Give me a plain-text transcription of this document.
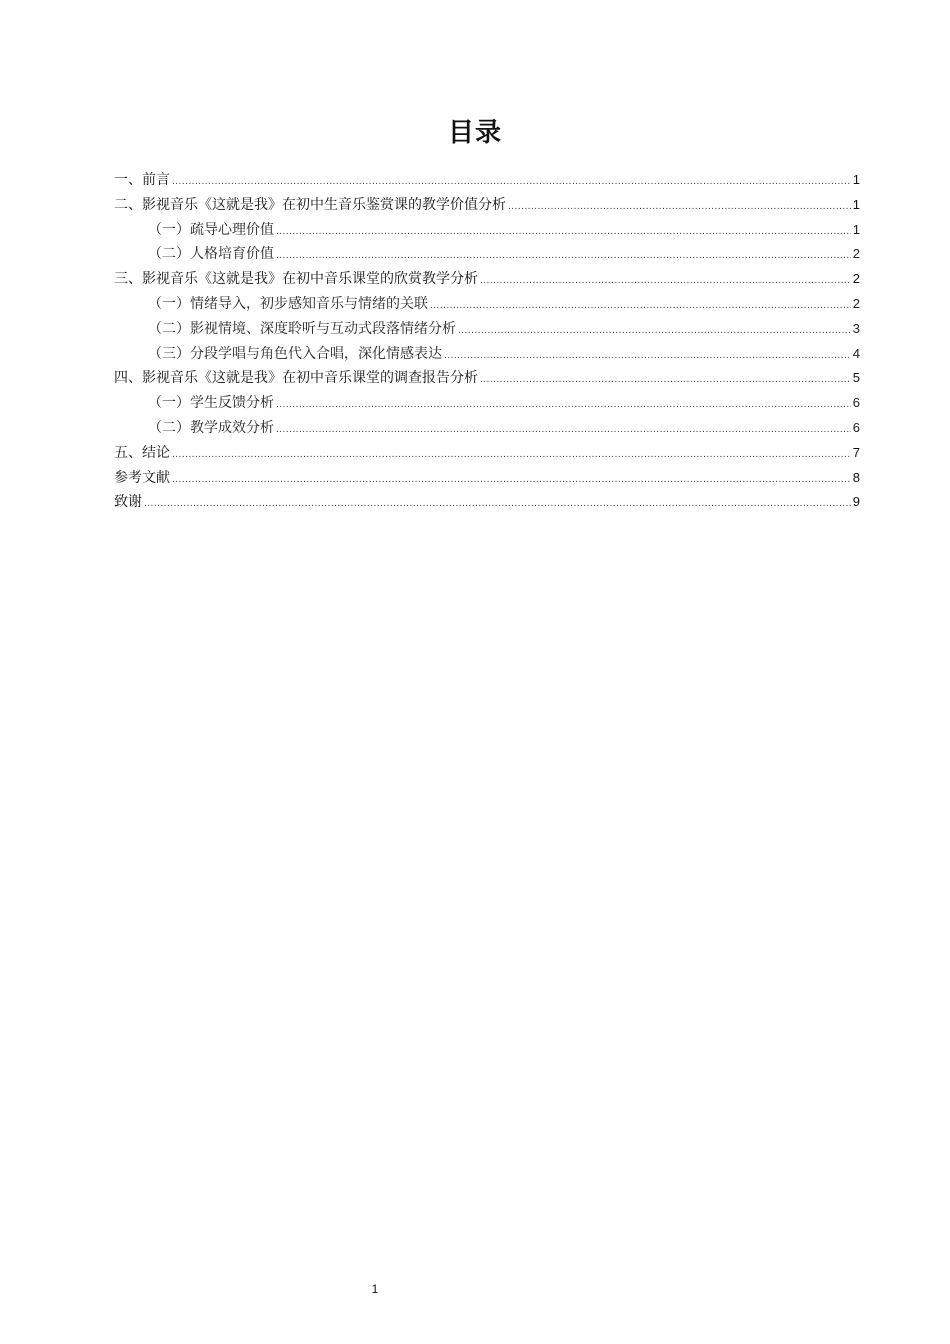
目录
一、前言 .....	1
二、影视音乐《这就是我》在初中生音乐鉴赏课的教学价值分析 .....	1
（一）疏导心理价值 .....	1
（二）人格培育价值 .....	2
三、影视音乐《这就是我》在初中音乐课堂的欣赏教学分析 .....	2
（一）情绪导入，初步感知音乐与情绪的关联 .....	2
（二）影视情境、深度聆听与互动式段落情绪分析 .....	3
（三）分段学唱与角色代入合唱，深化情感表达 .....	4
四、影视音乐《这就是我》在初中音乐课堂的调查报告分析 .....	5
（一）学生反馈分析 .....	6
（二）教学成效分析 .....	6
五、结论 .....	7
参考文献 .....	8
致谢 .....	9
1
